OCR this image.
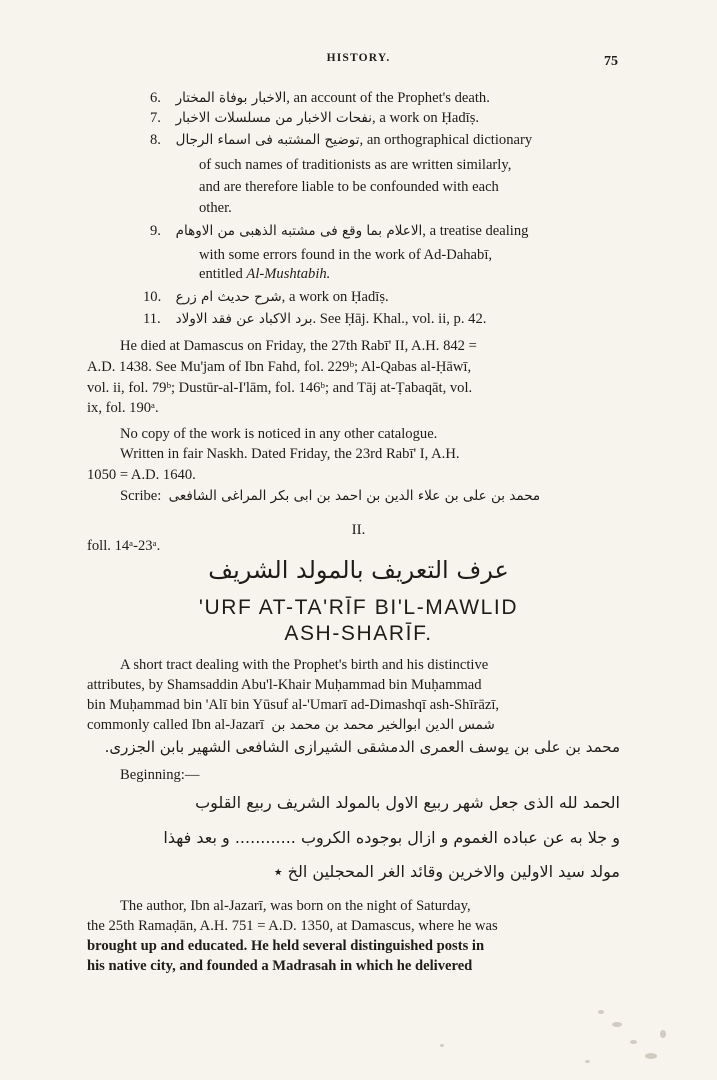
HISTORY.	75
6. الاخبار بوفاة المختار, an account of the Prophet's death.
7. نفحات الاخبار من مسلسلات الاخبار, a work on Ḥadīṣ.
8. توضيح المشتبه فى اسماء الرجال, an orthographical dictionary
of such names of traditionists as are written similarly,
and are therefore liable to be confounded with each
other.
9. الاعلام بما وقع فى مشتبه الذهبى من الاوهام, a treatise dealing
with some errors found in the work of Ad-Dahabī,
entitled Al-Mushtabih.
10. شرح حديث ام زرع, a work on Ḥadīṣ.
11. برد الاكباد عن فقد الاولاد. See Ḥāj. Khal., vol. ii, p. 42.
He died at Damascus on Friday, the 27th Rabī' II, A.H. 842 =
A.D. 1438. See Mu'jam of Ibn Fahd, fol. 229ᵇ; Al-Qabas al-Ḥāwī,
vol. ii, fol. 79ᵇ; Dustūr-al-I'lām, fol. 146ᵇ; and Tāj at-Ṭabaqāt, vol.
ix, fol. 190ᵃ.
No copy of the work is noticed in any other catalogue.
Written in fair Naskh. Dated Friday, the 23rd Rabī' I, A.H.
1050 = A.D. 1640.
Scribe: محمد بن على بن علاء الدين بن احمد بن ابى بكر المراغى الشافعى
II.
foll. 14ᵃ-23ᵃ.
عرف التعريف بالمولد الشريف
'URF AT-TA'RĪF BI'L-MAWLID
ASH-SHARĪF.
A short tract dealing with the Prophet's birth and his distinctive
attributes, by Shamsaddin Abu'l-Khair Muḥammad bin Muḥammad
bin Muḥammad bin 'Alī bin Yūsuf al-'Umarī ad-Dimashqī ash-Shīrāzī,
commonly called Ibn al-Jazarī شمس الدين ابوالخير محمد بن محمد بن
محمد بن على بن يوسف العمرى الدمشقى الشيرازى الشافعى الشهير بابن الجزرى.
Beginning:—
الحمد لله الذى جعل شهر ربيع الاول بالمولد الشريف ربيع القلوب
و جلا به عن عباده الغموم و ازال بوجوده الكروب ............ و بعد فهذا
مولد سيد الاولين والاخرين وقائد الغر المحجلين الخ ٭
The author, Ibn al-Jazarī, was born on the night of Saturday,
the 25th Ramaḍān, A.H. 751 = A.D. 1350, at Damascus, where he was
brought up and educated. He held several distinguished posts in
his native city, and founded a Madrasah in which he delivered
